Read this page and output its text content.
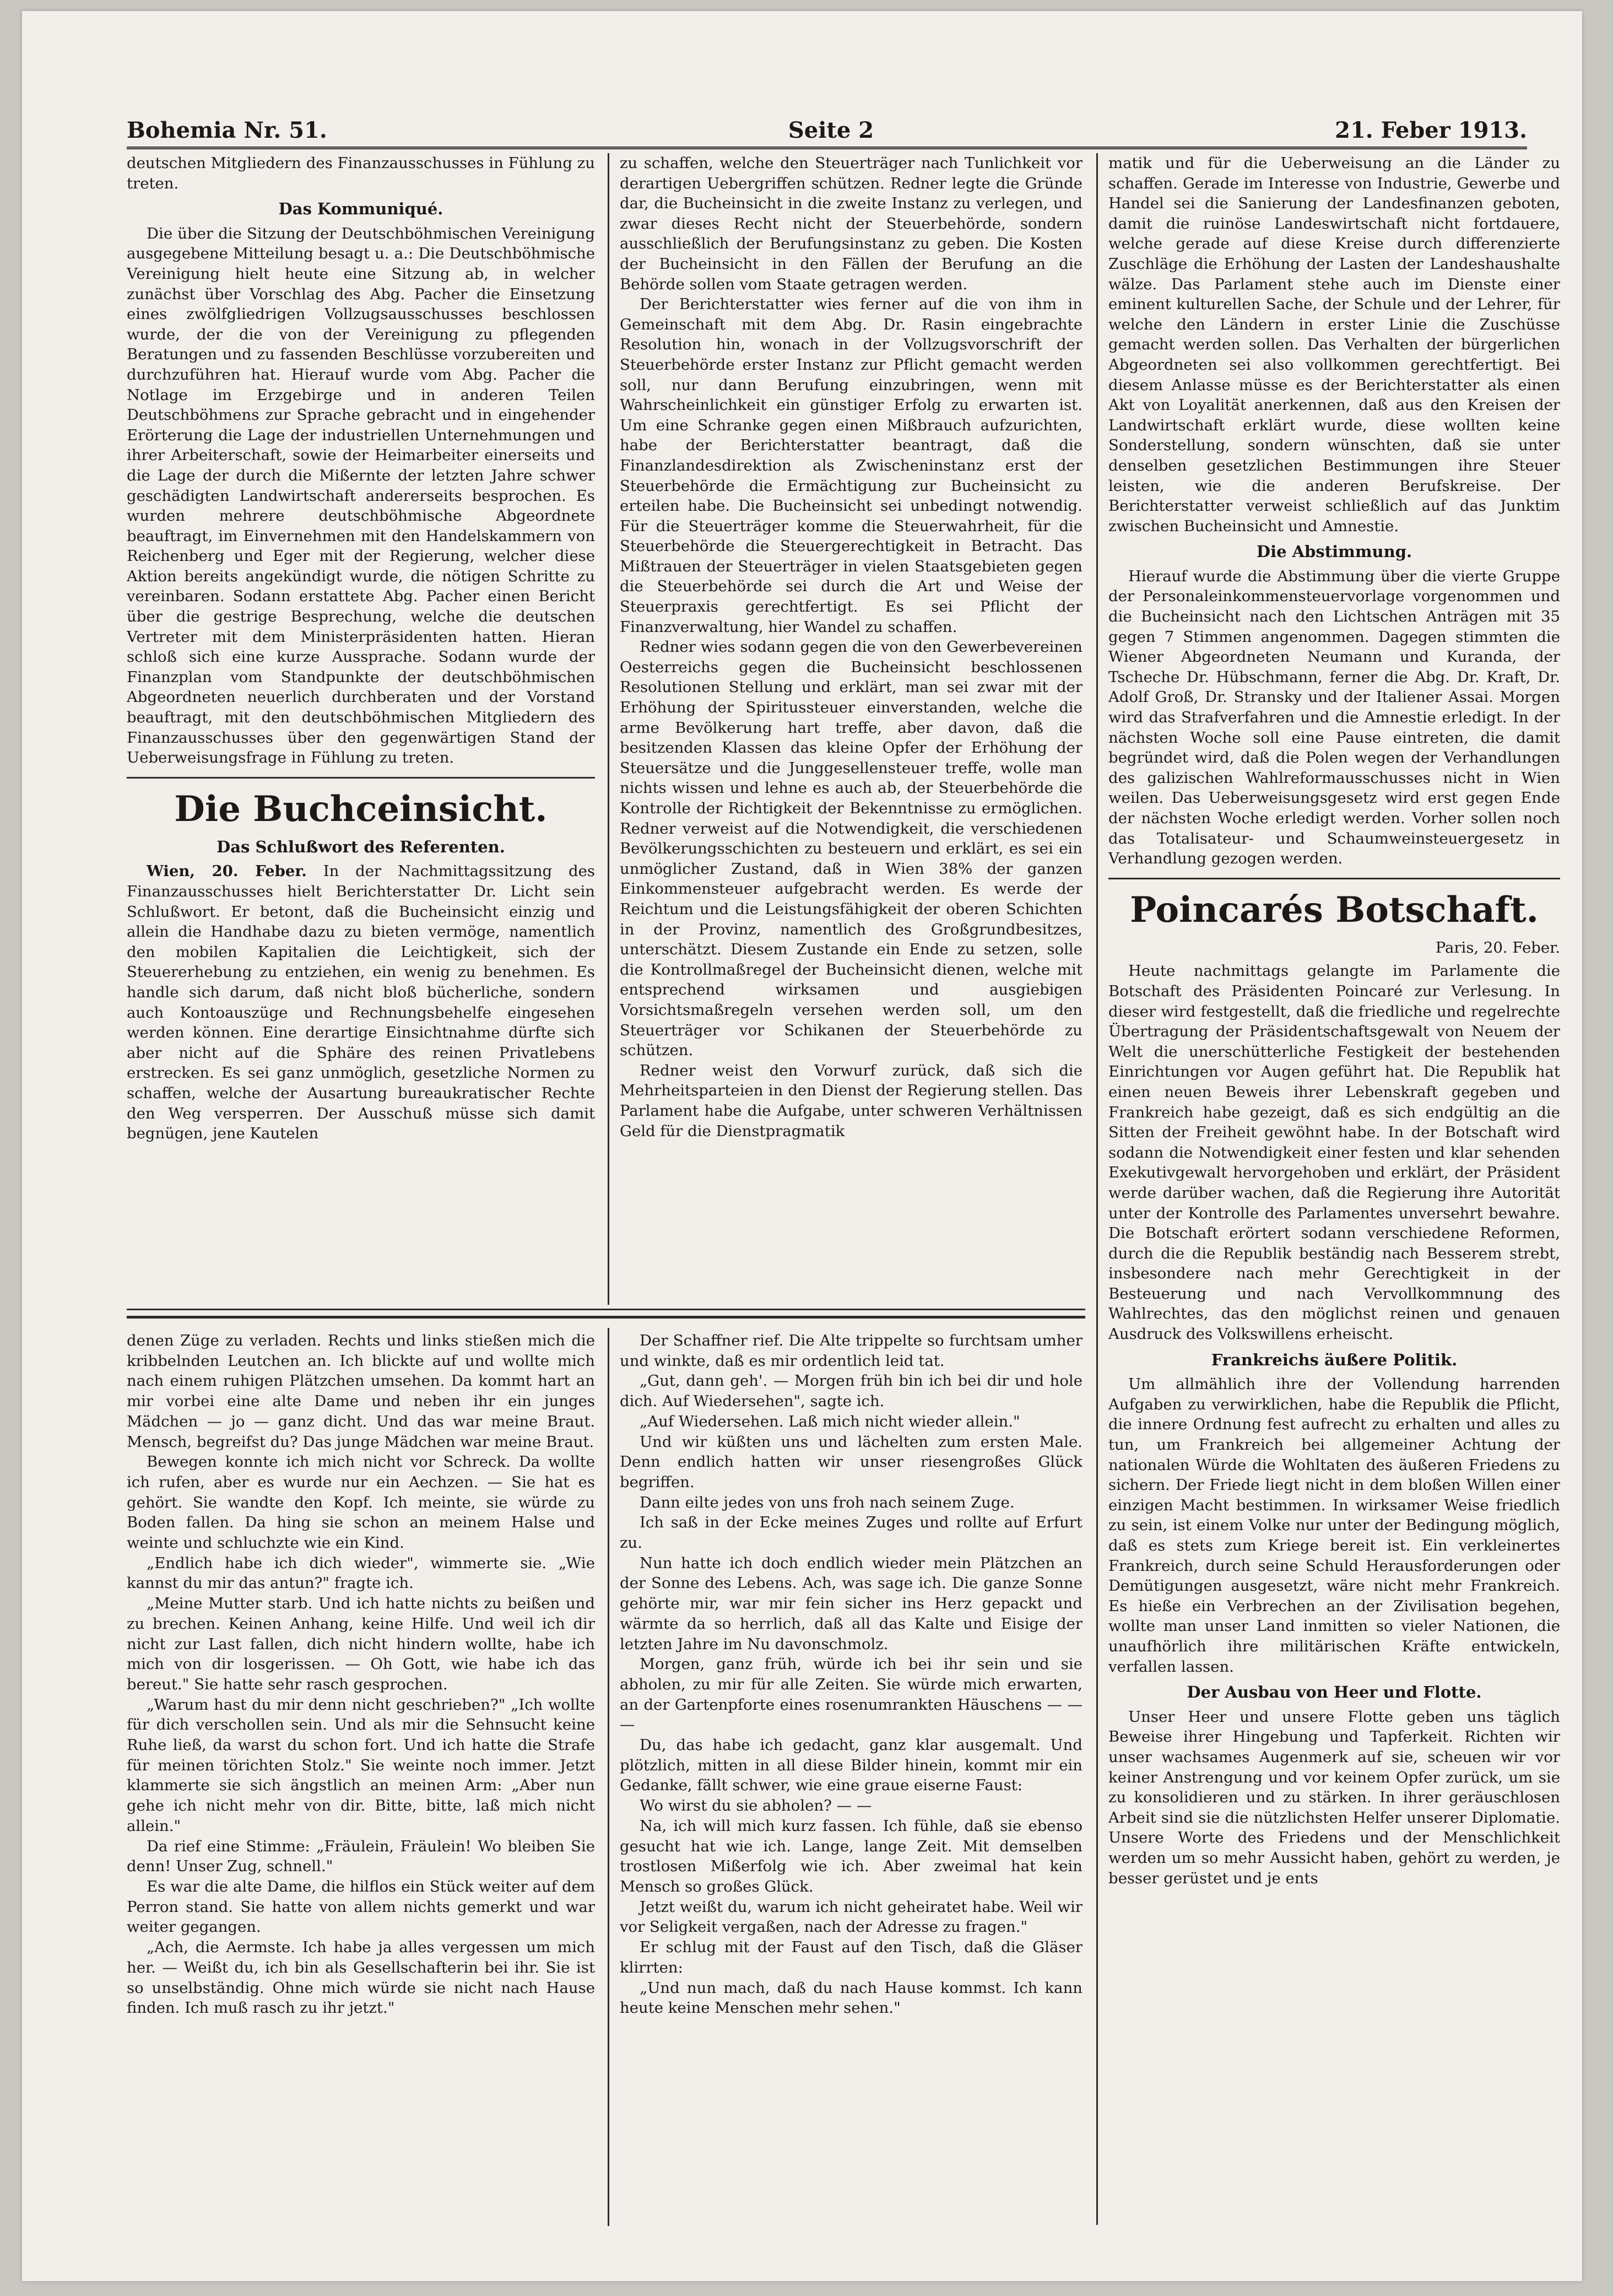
Bohemia Nr. 51.	Seite 2	21. Feber 1913.

deutschen Mitgliedern des Finanzausschusses in Fühlung zu treten.

Das Kommuniqué.

Die über die Sitzung der Deutschböhmischen Vereinigung ausgegebene Mitteilung besagt u. a.: Die Deutschböhmische Vereinigung hielt heute eine Sitzung ab, in welcher zunächst über Vorschlag des Abg. Pacher die Einsetzung eines zwölfgliedrigen Vollzugsausschusses beschlossen wurde, der die von der Vereinigung zu pflegenden Beratungen und zu fassenden Beschlüsse vorzubereiten und durchzuführen hat. Hierauf wurde vom Abg. Pacher die Notlage im Erzgebirge und in anderen Teilen Deutschböhmens zur Sprache gebracht und in eingehender Erörterung die Lage der industriellen Unternehmungen und ihrer Arbeiterschaft, sowie der Heimarbeiter einerseits und die Lage der durch die Mißernte der letzten Jahre schwer geschädigten Landwirtschaft andererseits besprochen. Es wurden mehrere deutschböhmische Abgeordnete beauftragt, im Einvernehmen mit den Handelskammern von Reichenberg und Eger mit der Regierung, welcher diese Aktion bereits angekündigt wurde, die nötigen Schritte zu vereinbaren. Sodann erstattete Abg. Pacher einen Bericht über die gestrige Besprechung, welche die deutschen Vertreter mit dem Ministerpräsidenten hatten. Hieran schloß sich eine kurze Aussprache. Sodann wurde der Finanzplan vom Standpunkte der deutschböhmischen Abgeordneten neuerlich durchberaten und der Vorstand beauftragt, mit den deutschböhmischen Mitgliedern des Finanzausschusses über den gegenwärtigen Stand der Ueberweisungsfrage in Fühlung zu treten.

Die Buchceinsicht.
Das Schlußwort des Referenten.

Wien, 20. Feber. In der Nachmittagssitzung des Finanzausschusses hielt Berichterstatter Dr. Licht sein Schlußwort. Er betont, daß die Bucheinsicht einzig und allein die Handhabe dazu zu bieten vermöge, namentlich den mobilen Kapitalien die Leichtigkeit, sich der Steuererhebung zu entziehen, ein wenig zu benehmen. Es handle sich darum, daß nicht bloß bücherliche, sondern auch Kontoauszüge und Rechnungsbehelfe eingesehen werden können. Eine derartige Einsichtnahme dürfte sich aber nicht auf die Sphäre des reinen Privatlebens erstrecken. Es sei ganz unmöglich, gesetzliche Normen zu schaffen, welche der Ausartung bureaukratischer Rechte den Weg versperren. Der Ausschuß müsse sich damit begnügen, jene Kautelen

zu schaffen, welche den Steuerträger nach Tunlichkeit vor derartigen Uebergriffen schützen. Redner legte die Gründe dar, die Bucheinsicht in die zweite Instanz zu verlegen, und zwar dieses Recht nicht der Steuerbehörde, sondern ausschließlich der Berufungsinstanz zu geben. Die Kosten der Bucheinsicht in den Fällen der Berufung an die Behörde sollen vom Staate getragen werden.

Der Berichterstatter wies ferner auf die von ihm in Gemeinschaft mit dem Abg. Dr. Rasin eingebrachte Resolution hin, wonach in der Vollzugsvorschrift der Steuerbehörde erster Instanz zur Pflicht gemacht werden soll, nur dann Berufung einzubringen, wenn mit Wahrscheinlichkeit ein günstiger Erfolg zu erwarten ist. Um eine Schranke gegen einen Mißbrauch aufzurichten, habe der Berichterstatter beantragt, daß die Finanzlandesdirektion als Zwischeninstanz erst der Steuerbehörde die Ermächtigung zur Bucheinsicht zu erteilen habe. Die Bucheinsicht sei unbedingt notwendig. Für die Steuerträger komme die Steuerwahrheit, für die Steuerbehörde die Steuergerechtigkeit in Betracht. Das Mißtrauen der Steuerträger in vielen Staatsgebieten gegen die Steuerbehörde sei durch die Art und Weise der Steuerpraxis gerechtfertigt. Es sei Pflicht der Finanzverwaltung, hier Wandel zu schaffen.

Redner wies sodann gegen die von den Gewerbevereinen Oesterreichs gegen die Bucheinsicht beschlossenen Resolutionen Stellung und erklärt, man sei zwar mit der Erhöhung der Spiritussteuer einverstanden, welche die arme Bevölkerung hart treffe, aber davon, daß die besitzenden Klassen das kleine Opfer der Erhöhung der Steuersätze und die Junggesellensteuer treffe, wolle man nichts wissen und lehne es auch ab, der Steuerbehörde die Kontrolle der Richtigkeit der Bekenntnisse zu ermöglichen. Redner verweist auf die Notwendigkeit, die verschiedenen Bevölkerungsschichten zu besteuern und erklärt, es sei ein unmöglicher Zustand, daß in Wien 38% der ganzen Einkommensteuer aufgebracht werden. Es werde der Reichtum und die Leistungsfähigkeit der oberen Schichten in der Provinz, namentlich des Großgrundbesitzes, unterschätzt. Diesem Zustande ein Ende zu setzen, solle die Kontrollmaßregel der Bucheinsicht dienen, welche mit entsprechend wirksamen und ausgiebigen Vorsichtsmaßregeln versehen werden soll, um den Steuerträger vor Schikanen der Steuerbehörde zu schützen.

Redner weist den Vorwurf zurück, daß sich die Mehrheitsparteien in den Dienst der Regierung stellen. Das Parlament habe die Aufgabe, unter schweren Verhältnissen Geld für die Dienstpragmatik

matik und für die Ueberweisung an die Länder zu schaffen. Gerade im Interesse von Industrie, Gewerbe und Handel sei die Sanierung der Landesfinanzen geboten, damit die ruinöse Landeswirtschaft nicht fortdauere, welche gerade auf diese Kreise durch differenzierte Zuschläge die Erhöhung der Lasten der Landeshaushalte wälze. Das Parlament stehe auch im Dienste einer eminent kulturellen Sache, der Schule und der Lehrer, für welche den Ländern in erster Linie die Zuschüsse gemacht werden sollen. Das Verhalten der bürgerlichen Abgeordneten sei also vollkommen gerechtfertigt. Bei diesem Anlasse müsse es der Berichterstatter als einen Akt von Loyalität anerkennen, daß aus den Kreisen der Landwirtschaft erklärt wurde, diese wollten keine Sonderstellung, sondern wünschten, daß sie unter denselben gesetzlichen Bestimmungen ihre Steuer leisten, wie die anderen Berufskreise. Der Berichterstatter verweist schließlich auf das Junktim zwischen Bucheinsicht und Amnestie.

Die Abstimmung.

Hierauf wurde die Abstimmung über die vierte Gruppe der Personaleinkommensteuervorlage vorgenommen und die Bucheinsicht nach den Lichtschen Anträgen mit 35 gegen 7 Stimmen angenommen. Dagegen stimmten die Wiener Abgeordneten Neumann und Kuranda, der Tscheche Dr. Hübschmann, ferner die Abg. Dr. Kraft, Dr. Adolf Groß, Dr. Stransky und der Italiener Assai. Morgen wird das Strafverfahren und die Amnestie erledigt. In der nächsten Woche soll eine Pause eintreten, die damit begründet wird, daß die Polen wegen der Verhandlungen des galizischen Wahlreformausschusses nicht in Wien weilen. Das Ueberweisungsgesetz wird erst gegen Ende der nächsten Woche erledigt werden. Vorher sollen noch das Totalisateur- und Schaumweinsteuergesetz in Verhandlung gezogen werden.

Poincarés Botschaft.

Paris, 20. Feber.

Heute nachmittags gelangte im Parlamente die Botschaft des Präsidenten Poincaré zur Verlesung. In dieser wird festgestellt, daß die friedliche und regelrechte Übertragung der Präsidentschaftsgewalt von Neuem der Welt die unerschütterliche Festigkeit der bestehenden Einrichtungen vor Augen geführt hat. Die Republik hat einen neuen Beweis ihrer Lebenskraft gegeben und Frankreich habe gezeigt, daß es sich endgültig an die Sitten der Freiheit gewöhnt habe. In der Botschaft wird sodann die Notwendigkeit einer festen und klar sehenden Exekutivgewalt hervorgehoben und erklärt, der Präsident werde darüber wachen, daß die Regierung ihre Autorität unter der Kontrolle des Parlamentes unversehrt bewahre. Die Botschaft erörtert sodann verschiedene Reformen, durch die die Republik beständig nach Besserem strebt, insbesondere nach mehr Gerechtigkeit in der Besteuerung und nach Vervollkommnung des Wahlrechtes, das den möglichst reinen und genauen Ausdruck des Volkswillens erheischt.

Frankreichs äußere Politik.

Um allmählich ihre der Vollendung harrenden Aufgaben zu verwirklichen, habe die Republik die Pflicht, die innere Ordnung fest aufrecht zu erhalten und alles zu tun, um Frankreich bei allgemeiner Achtung der nationalen Würde die Wohltaten des äußeren Friedens zu sichern. Der Friede liegt nicht in dem bloßen Willen einer einzigen Macht bestimmen. In wirksamer Weise friedlich zu sein, ist einem Volke nur unter der Bedingung möglich, daß es stets zum Kriege bereit ist. Ein verkleinertes Frankreich, durch seine Schuld Herausforderungen oder Demütigungen ausgesetzt, wäre nicht mehr Frankreich. Es hieße ein Verbrechen an der Zivilisation begehen, wollte man unser Land inmitten so vieler Nationen, die unaufhörlich ihre militärischen Kräfte entwickeln, verfallen lassen.

Der Ausbau von Heer und Flotte.

Unser Heer und unsere Flotte geben uns täglich Beweise ihrer Hingebung und Tapferkeit. Richten wir unser wachsames Augenmerk auf sie, scheuen wir vor keiner Anstrengung und vor keinem Opfer zurück, um sie zu konsolidieren und zu stärken. In ihrer geräuschlosen Arbeit sind sie die nützlichsten Helfer unserer Diplomatie. Unsere Worte des Friedens und der Menschlichkeit werden um so mehr Aussicht haben, gehört zu werden, je besser gerüstet und je ents

denen Züge zu verladen. Rechts und links stießen mich die kribbelnden Leutchen an. Ich blickte auf und wollte mich nach einem ruhigen Plätzchen umsehen. Da kommt hart an mir vorbei eine alte Dame und neben ihr ein junges Mädchen — jo — ganz dicht. Und das war meine Braut. Mensch, begreifst du? Das junge Mädchen war meine Braut.

Bewegen konnte ich mich nicht vor Schreck. Da wollte ich rufen, aber es wurde nur ein Aechzen. — Sie hat es gehört. Sie wandte den Kopf. Ich meinte, sie würde zu Boden fallen. Da hing sie schon an meinem Halse und weinte und schluchzte wie ein Kind.

„Endlich habe ich dich wieder", wimmerte sie. „Wie kannst du mir das antun?" fragte ich.

„Meine Mutter starb. Und ich hatte nichts zu beißen und zu brechen. Keinen Anhang, keine Hilfe. Und weil ich dir nicht zur Last fallen, dich nicht hindern wollte, habe ich mich von dir losgerissen. — Oh Gott, wie habe ich das bereut." Sie hatte sehr rasch gesprochen.

„Warum hast du mir denn nicht geschrieben?" „Ich wollte für dich verschollen sein. Und als mir die Sehnsucht keine Ruhe ließ, da warst du schon fort. Und ich hatte die Strafe für meinen törichten Stolz." Sie weinte noch immer. Jetzt klammerte sie sich ängstlich an meinen Arm: „Aber nun gehe ich nicht mehr von dir. Bitte, bitte, laß mich nicht allein."

Da rief eine Stimme: „Fräulein, Fräulein! Wo bleiben Sie denn! Unser Zug, schnell."

Es war die alte Dame, die hilflos ein Stück weiter auf dem Perron stand. Sie hatte von allem nichts gemerkt und war weiter gegangen.

„Ach, die Aermste. Ich habe ja alles vergessen um mich her. — Weißt du, ich bin als Gesellschafterin bei ihr. Sie ist so unselbständig. Ohne mich würde sie nicht nach Hause finden. Ich muß rasch zu ihr jetzt."

Der Schaffner rief. Die Alte trippelte so furchtsam umher und winkte, daß es mir ordentlich leid tat.

„Gut, dann geh'. — Morgen früh bin ich bei dir und hole dich. Auf Wiedersehen", sagte ich.

„Auf Wiedersehen. Laß mich nicht wieder allein."

Und wir küßten uns und lächelten zum ersten Male. Denn endlich hatten wir unser riesengroßes Glück begriffen.

Dann eilte jedes von uns froh nach seinem Zuge.

Ich saß in der Ecke meines Zuges und rollte auf Erfurt zu.

Nun hatte ich doch endlich wieder mein Plätzchen an der Sonne des Lebens. Ach, was sage ich. Die ganze Sonne gehörte mir, war mir fein sicher ins Herz gepackt und wärmte da so herrlich, daß all das Kalte und Eisige der letzten Jahre im Nu davonschmolz.

Morgen, ganz früh, würde ich bei ihr sein und sie abholen, zu mir für alle Zeiten. Sie würde mich erwarten, an der Gartenpforte eines rosenumrankten Häuschens — — —

Du, das habe ich gedacht, ganz klar ausgemalt. Und plötzlich, mitten in all diese Bilder hinein, kommt mir ein Gedanke, fällt schwer, wie eine graue eiserne Faust:

Wo wirst du sie abholen? — —

Na, ich will mich kurz fassen. Ich fühle, daß sie ebenso gesucht hat wie ich. Lange, lange Zeit. Mit demselben trostlosen Mißerfolg wie ich. Aber zweimal hat kein Mensch so großes Glück.

Jetzt weißt du, warum ich nicht geheiratet habe. Weil wir vor Seligkeit vergaßen, nach der Adresse zu fragen."

Er schlug mit der Faust auf den Tisch, daß die Gläser klirrten:

„Und nun mach, daß du nach Hause kommst. Ich kann heute keine Menschen mehr sehen."
